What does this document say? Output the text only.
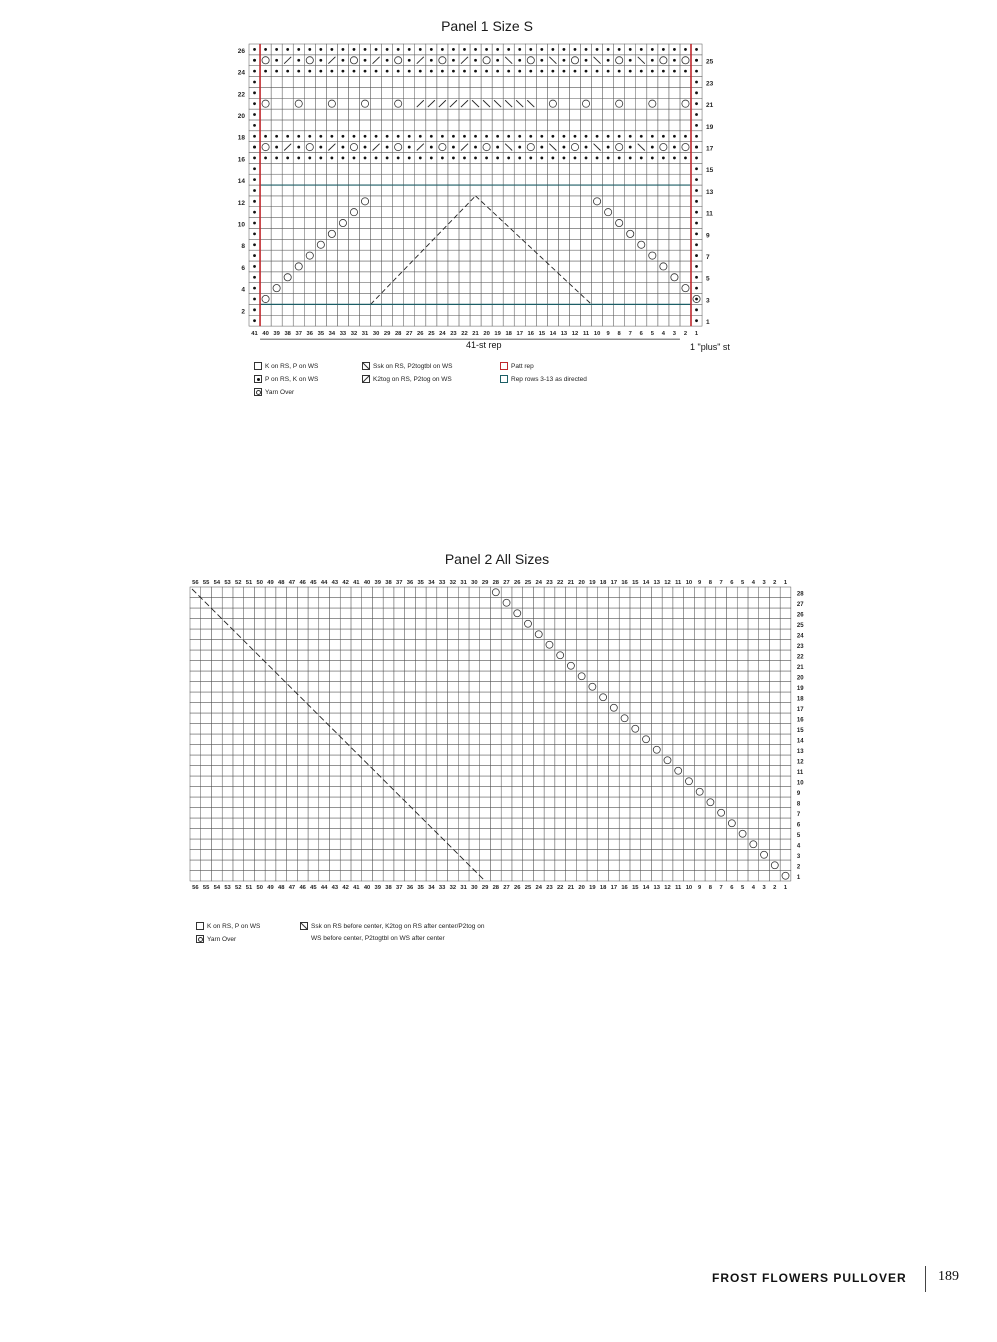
Panel 1 Size S
1
2
3
4
5
6
7
8
9
10
11
12
13
14
15
16
17
18
19
20
21
22
23
24
25
26
1
2
3
4
5
6
7
8
9
10
11
12
13
14
15
16
17
18
19
20
21
22
23
24
25
26
27
28
29
30
31
32
33
34
35
36
37
38
39
40
41
41-st rep	1 "plus" st
K on RS, P on WS
P on RS, K on WS
Yarn Over
Ssk on RS, P2togtbl on WS
K2tog on RS, P2tog on WS
Patt rep
Rep rows 3-13 as directed
Panel 2 All Sizes
1
2
3
4
5
6
7
8
9
10
11
12
13
14
15
16
17
18
19
20
21
22
23
24
25
26
27
28
1
1
2
2
3
3
4
4
5
5
6
6
7
7
8
8
9
9
10
10
11
11
12
12
13
13
14
14
15
15
16
16
17
17
18
18
19
19
20
20
21
21
22
22
23
23
24
24
25
25
26
26
27
27
28
28
29
29
30
30
31
31
32
32
33
33
34
34
35
35
36
36
37
37
38
38
39
39
40
40
41
41
42
42
43
43
44
44
45
45
46
46
47
47
48
48
49
49
50
50
51
51
52
52
53
53
54
54
55
55
56
56
K on RS, P on WS
Yarn Over
Ssk on RS before center, K2tog on RS after center/P2tog on
WS before center, P2togtbl on WS after center
FROST FLOWERS PULLOVER 189
